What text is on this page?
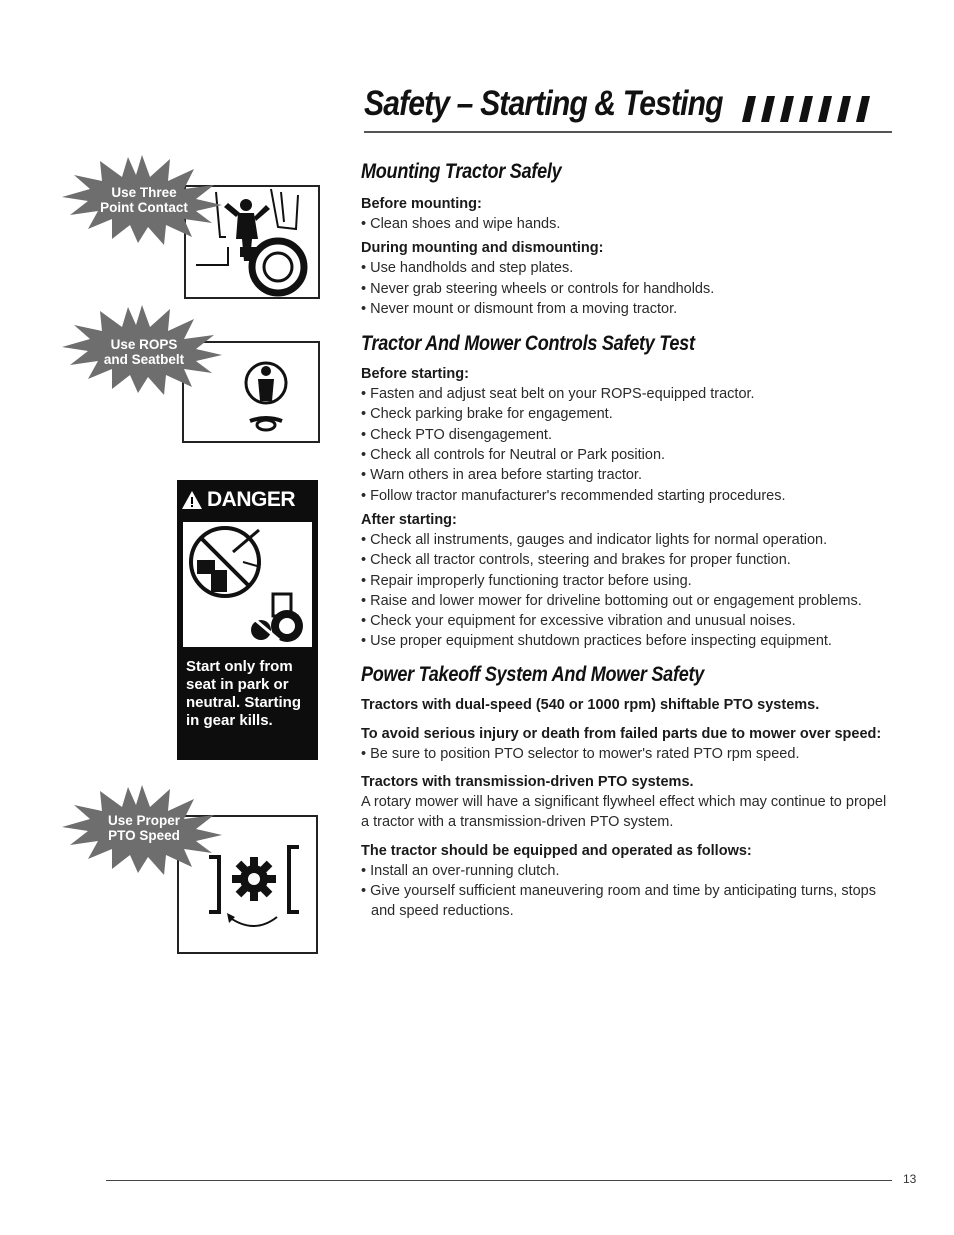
Safety – Starting & Testing
Use Three
Point Contact
Use ROPS
and Seatbelt
DANGER
Start only from seat in park or neutral. Starting in gear kills.
Use Proper
PTO Speed
Mounting Tractor Safely
Before mounting:
• Clean shoes and wipe hands.
During mounting and dismounting:
• Use handholds and step plates.
• Never grab steering wheels or controls for handholds.
• Never mount or dismount from a moving tractor.
Tractor And Mower Controls Safety Test
Before starting:
• Fasten and adjust seat belt on your ROPS-equipped tractor.
• Check parking brake for engagement.
• Check PTO disengagement.
• Check all controls for Neutral or Park position.
• Warn others in area before starting tractor.
• Follow tractor manufacturer's recommended starting procedures.
After starting:
• Check all instruments, gauges and indicator lights for normal operation.
• Check all tractor controls, steering and brakes for proper function.
• Repair improperly functioning tractor before using.
• Raise and lower mower for driveline bottoming out or engagement problems.
• Check your equipment for excessive vibration and unusual noises.
• Use proper equipment shutdown practices before inspecting equipment.
Power Takeoff System And Mower Safety
Tractors with dual-speed (540 or 1000 rpm) shiftable PTO systems.
To avoid serious injury or death from failed parts due to mower over speed:
• Be sure to position PTO selector to mower's rated PTO rpm speed.
Tractors with transmission-driven PTO systems.
A rotary mower will have a significant flywheel effect which may continue to propel a tractor with a transmission-driven PTO system.
The tractor should be equipped and operated as follows:
• Install an over-running clutch.
• Give yourself sufficient maneuvering room and time by anticipating turns, stops and speed reductions.
13
